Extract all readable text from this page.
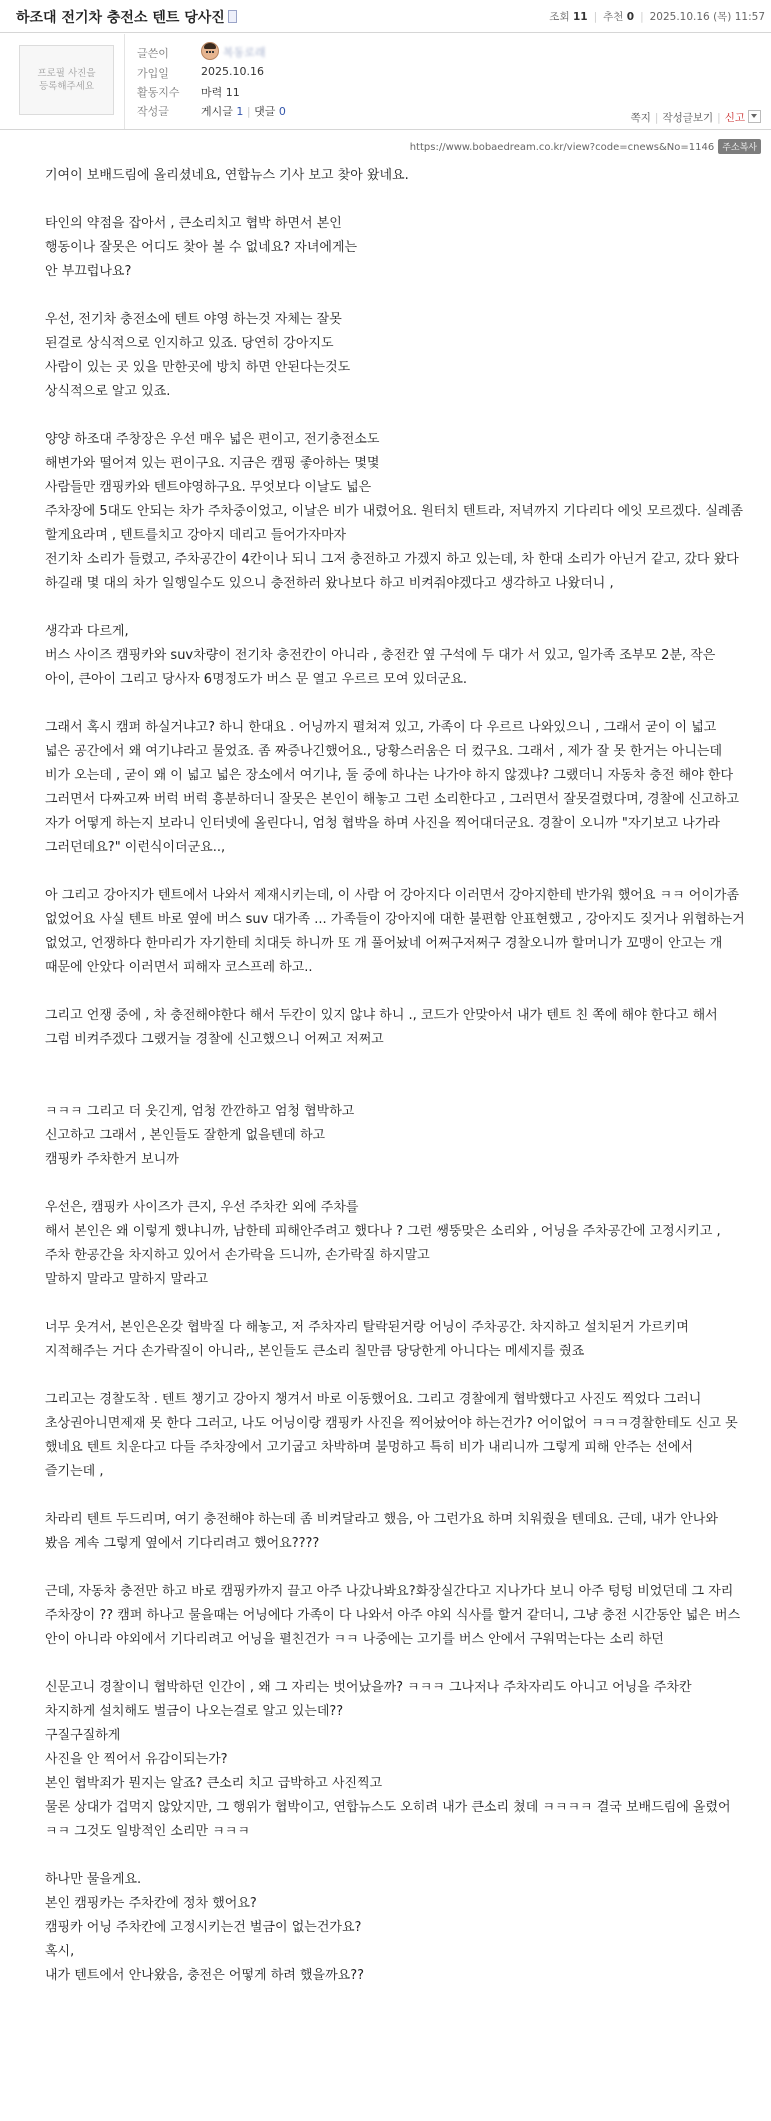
하조대 전기차 충전소 텐트 당사진	조회 11 | 추천 0 | 2025.10.16 (목) 11:57
프로필 사진을 등록해주세요
글쓴이	복동로래
가입일	2025.10.16
활동지수 마력 11
작성글	게시글 1 | 댓글 0	쪽지 | 작성글보기 | 신고
https://www.bobaedream.co.kr/view?code=cnews&No=1146 주소복사

기여이 보배드림에 올리셨네요, 연합뉴스 기사 보고 찾아 왔네요.

타인의 약점을 잡아서 , 큰소리치고 협박 하면서 본인
행동이나 잘못은 어디도 찾아 볼 수 없네요? 자녀에게는
안 부끄럽나요?

우선, 전기차 충전소에 텐트 야영 하는것 자체는 잘못
된걸로 상식적으로 인지하고 있죠. 당연히 강아지도
사람이 있는 곳 있을 만한곳에 방치 하면 안된다는것도
상식적으로 알고 있죠.

양양 하조대 주창장은 우선 매우 넓은 편이고, 전기충전소도
해변가와 떨어져 있는 편이구요. 지금은 캠핑 좋아하는 몇몇
사람들만 캠핑카와 텐트야영하구요. 무엇보다 이날도 넓은
주차장에 5대도 안되는 차가 주차중이었고, 이날은 비가 내렸어요. 원터치 텐트라, 저녁까지 기다리다 에잇 모르겠다. 실례좀 할게요라며 , 텐트를치고 강아지 데리고 들어가자마자
전기차 소리가 들렸고, 주차공간이 4칸이나 되니 그저 충전하고 가겠지 하고 있는데, 차 한대 소리가 아닌거 같고, 갔다 왔다 하길래 몇 대의 차가 일행일수도 있으니 충전하러 왔나보다 하고 비켜줘야겠다고 생각하고 나왔더니 ,

생각과 다르게,
버스 사이즈 캠핑카와 suv차량이 전기차 충전칸이 아니라 , 충전칸 옆 구석에 두 대가 서 있고, 일가족 조부모 2분, 작은 아이, 큰아이 그리고 당사자 6명정도가 버스 문 열고 우르르 모여 있더군요.

그래서 혹시 캠퍼 하실거냐고? 하니 한대요 . 어닝까지 펼쳐져 있고, 가족이 다 우르르 나와있으니 , 그래서 굳이 이 넓고 넓은 공간에서 왜 여기냐라고 물었죠. 좀 짜증나긴했어요., 당황스러움은 더 컸구요. 그래서 , 제가 잘 못 한거는 아니는데 비가 오는데 , 굳이 왜 이 넓고 넓은 장소에서 여기냐, 둘 중에 하나는 나가야 하지 않겠냐? 그랬더니 자동차 충전 해야 한다 그러면서 다짜고짜 버럭 버럭 흥분하더니 잘못은 본인이 해놓고 그런 소리한다고 , 그러면서 잘못걸렸다며, 경찰에 신고하고 자가 어떻게 하는지 보라니 인터넷에 올린다니, 엄청 협박을 하며 사진을 찍어대더군요. 경찰이 오니까 "자기보고 나가라 그러던데요?" 이런식이더군요..,

아 그리고 강아지가 텐트에서 나와서 제재시키는데, 이 사람 어 강아지다 이러면서 강아지한테 반가워 했어요 ㅋㅋ 어이가좀 없었어요 사실 텐트 바로 옆에 버스 suv 대가족 ... 가족들이 강아지에 대한 불편함 안표현했고 , 강아지도 짖거나 위협하는거 없었고, 언쟁하다 한마리가 자기한테 치대듯 하니까 또 개 풀어놨네 어쩌구저쩌구 경찰오니까 할머니가 꼬맹이 안고는 개 때문에 안았다 이러면서 피해자 코스프레 하고..

그리고 언쟁 중에 , 차 충전해야한다 해서 두칸이 있지 않냐 하니 ., 코드가 안맞아서 내가 텐트 친 쪽에 해야 한다고 해서 그럼 비켜주겠다 그랬거늘 경찰에 신고했으니 어쩌고 저쩌고

ㅋㅋㅋ 그리고 더 웃긴게, 엄청 깐깐하고 엄청 협박하고
신고하고 그래서 , 본인들도 잘한게 없을텐데 하고
캠핑카 주차한거 보니까

우선은, 캠핑카 사이즈가 큰지, 우선 주차칸 외에 주차를
해서 본인은 왜 이렇게 했냐니까, 남한테 피해안주려고 했다나 ? 그런 쌩뚱맞은 소리와 , 어닝을 주차공간에 고정시키고 , 주차 한공간을 차지하고 있어서 손가락을 드니까, 손가락질 하지말고
말하지 말라고 말하지 말라고

너무 웃겨서, 본인은온갖 협박질 다 해놓고, 저 주차자리 탈락된거랑 어닝이 주차공간. 차지하고 설치된거 가르키며 지적해주는 거다 손가락질이 아니라,, 본인들도 큰소리 칠만큼 당당한게 아니다는 메세지를 줬죠

그리고는 경찰도착 . 텐트 챙기고 강아지 챙겨서 바로 이동했어요. 그리고 경찰에게 협박했다고 사진도 찍었다 그러니 초상권아니면제재 못 한다 그러고, 나도 어닝이랑 캠핑카 사진을 찍어놨어야 하는건가? 어이없어 ㅋㅋㅋ경찰한테도 신고 못 했네요 텐트 치운다고 다들 주차장에서 고기굽고 차박하며 불멍하고 특히 비가 내리니까 그렇게 피해 안주는 선에서 즐기는데 ,

차라리 텐트 두드리며, 여기 충전해야 하는데 좀 비켜달라고 했음, 아 그런가요 하며 치워줬을 텐데요. 근데, 내가 안나와 봤음 계속 그렇게 옆에서 기다리려고 했어요????

근데, 자동차 충전만 하고 바로 캠핑카까지 끌고 아주 나갔나봐요?화장실간다고 지나가다 보니 아주 텅텅 비었던데 그 자리 주차장이 ?? 캠퍼 하나고 물을때는 어닝에다 가족이 다 나와서 아주 야외 식사를 할거 같더니, 그냥 충전 시간동안 넓은 버스 안이 아니라 야외에서 기다리려고 어닝을 펼친건가 ㅋㅋ 나중에는 고기를 버스 안에서 구워먹는다는 소리 하던

신문고니 경찰이니 협박하던 인간이 , 왜 그 자리는 벗어났을까? ㅋㅋㅋ 그나저나 주차자리도 아니고 어닝을 주차칸 차지하게 설치해도 벌금이 나오는걸로 알고 있는데??
구질구질하게
사진을 안 찍어서 유감이되는가?
본인 협박죄가 뭔지는 알죠? 큰소리 치고 급박하고 사진찍고
물론 상대가 겁먹지 않았지만, 그 행위가 협박이고, 연합뉴스도 오히려 내가 큰소리 쳤데 ㅋㅋㅋㅋ 결국 보배드림에 올렸어 ㅋㅋ 그것도 일방적인 소리만 ㅋㅋㅋ

하나만 물을게요.
본인 캠핑카는 주차칸에 정차 했어요?
캠핑카 어닝 주차칸에 고정시키는건 벌금이 없는건가요?
혹시,
내가 텐트에서 안나왔음, 충전은 어떻게 하려 했을까요??
